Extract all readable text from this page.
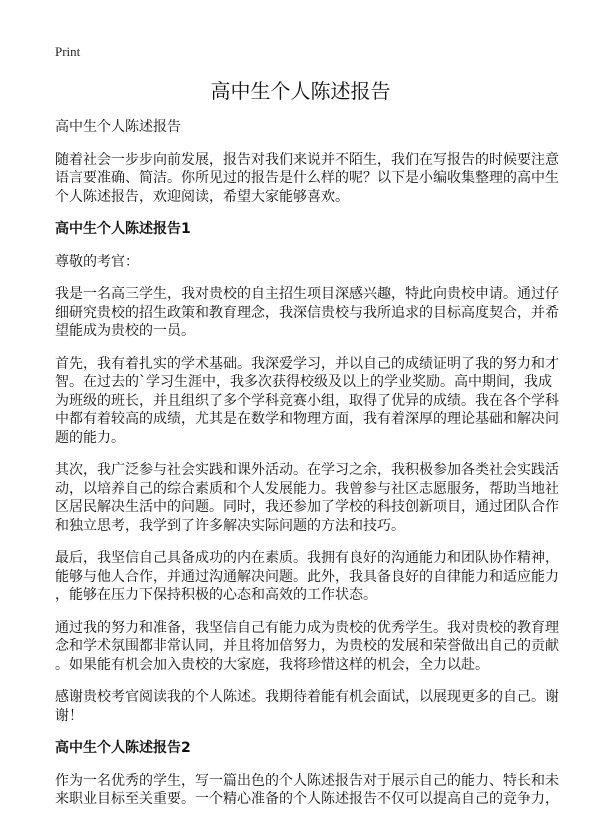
Print
高中生个人陈述报告

高中生个人陈述报告

随着社会一步步向前发展，报告对我们来说并不陌生，我们在写报告的时候要注意
语言要准确、简洁。你所见过的报告是什么样的呢？以下是小编收集整理的高中生
个人陈述报告，欢迎阅读，希望大家能够喜欢。

高中生个人陈述报告1

尊敬的考官：

我是一名高三学生，我对贵校的自主招生项目深感兴趣，特此向贵校申请。通过仔
细研究贵校的招生政策和教育理念，我深信贵校与我所追求的目标高度契合，并希
望能成为贵校的一员。

首先，我有着扎实的学术基础。我深爱学习，并以自己的成绩证明了我的努力和才
智。在过去的`学习生涯中，我多次获得校级及以上的学业奖励。高中期间，我成
为班级的班长，并且组织了多个学科竞赛小组，取得了优异的成绩。我在各个学科
中都有着较高的成绩，尤其是在数学和物理方面，我有着深厚的理论基础和解决问
题的能力。

其次，我广泛参与社会实践和课外活动。在学习之余，我积极参加各类社会实践活
动，以培养自己的综合素质和个人发展能力。我曾参与社区志愿服务，帮助当地社
区居民解决生活中的问题。同时，我还参加了学校的科技创新项目，通过团队合作
和独立思考，我学到了许多解决实际问题的方法和技巧。

最后，我坚信自己具备成功的内在素质。我拥有良好的沟通能力和团队协作精神，
能够与他人合作，并通过沟通解决问题。此外，我具备良好的自律能力和适应能力
，能够在压力下保持积极的心态和高效的工作状态。

通过我的努力和准备，我坚信自己有能力成为贵校的优秀学生。我对贵校的教育理
念和学术氛围都非常认同，并且将加倍努力，为贵校的发展和荣誉做出自己的贡献
。如果能有机会加入贵校的大家庭，我将珍惜这样的机会，全力以赴。

感谢贵校考官阅读我的个人陈述。我期待着能有机会面试，以展现更多的自己。谢
谢！

高中生个人陈述报告2

作为一名优秀的学生，写一篇出色的个人陈述报告对于展示自己的能力、特长和未
来职业目标至关重要。一个精心准备的个人陈述报告不仅可以提高自己的竞争力，
